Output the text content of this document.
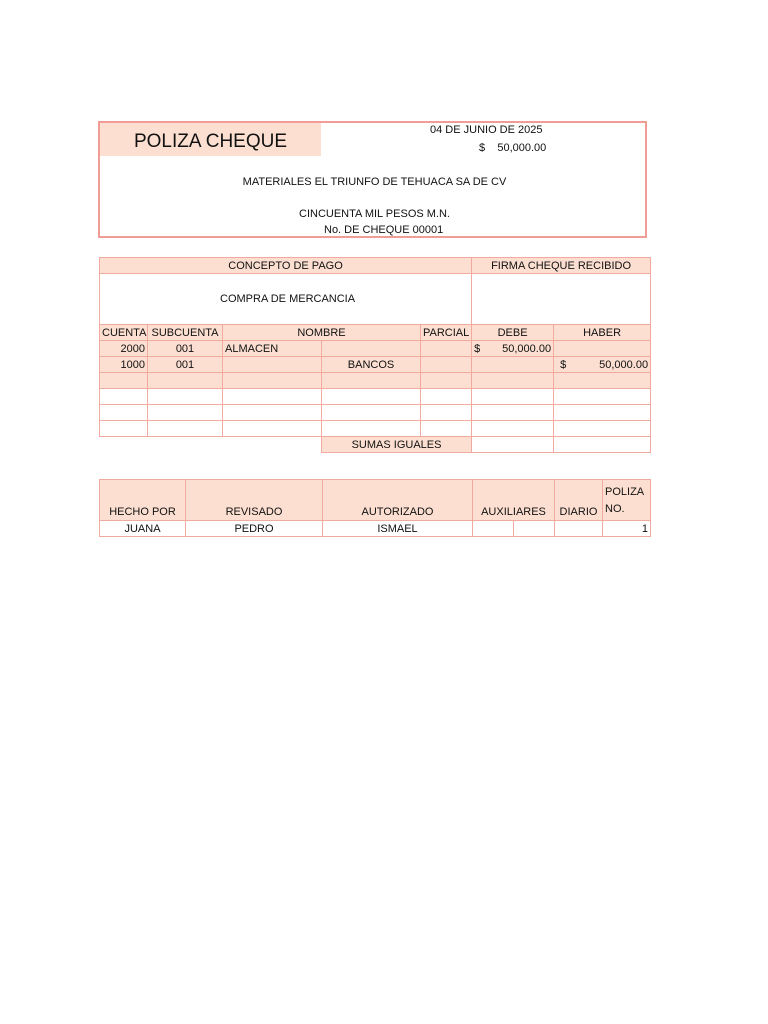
POLIZA CHEQUE
04 DE JUNIO DE 2025
$    50,000.00
MATERIALES EL TRIUNFO DE TEHUACA SA DE CV
CINCUENTA MIL PESOS M.N.
No. DE CHEQUE 00001
CONCEPTO DE PAGO					FIRMA CHEQUE RECIBIDO	
COMPRA DE MERCANCIA						
CUENTA	SUBCUENTA	NOMBRE		PARCIAL	DEBE	HABER
2000	001	ALMACEN			$ 50,000.00	

1000	001		BANCOS			$ 50,000.00

			SUMAS IGUALES			
HECHO POR	REVISADO	AUTORIZADO	AUXILIARES		DIARIO	POLIZA
NO.

JUANA	PEDRO	ISMAEL				1
